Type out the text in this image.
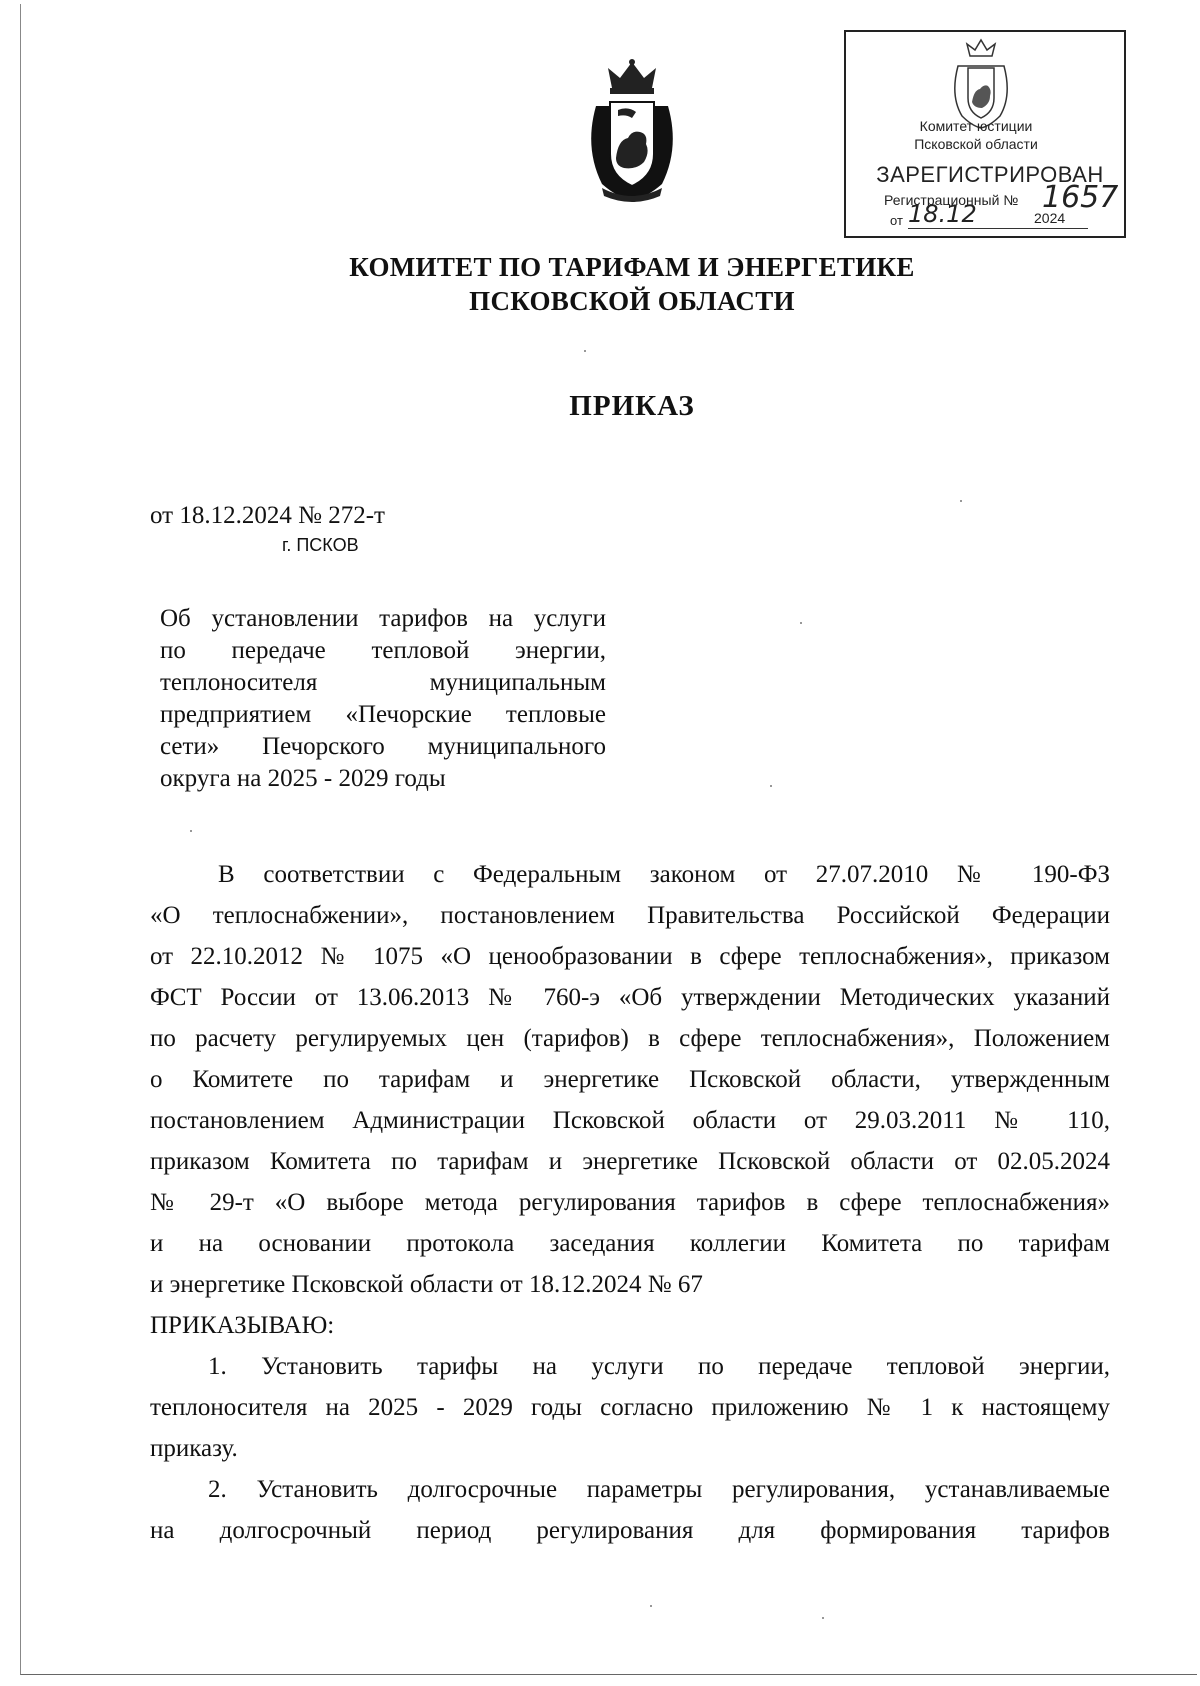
Комитет юстиции
Псковской области
ЗАРЕГИСТРИРОВАН
Регистрационный № 1657
от 18.12	2024
КОМИТЕТ ПО ТАРИФАМ И ЭНЕРГЕТИКЕ
ПСКОВСКОЙ ОБЛАСТИ
ПРИКАЗ
от 18.12.2024 № 272-т
г. ПСКОВ
Об установлении тарифов на услуги
по передаче тепловой энергии,
теплоносителя муниципальным
предприятием «Печорские тепловые
сети» Печорского муниципального
округа на 2025 - 2029 годы
В соответствии с Федеральным законом от 27.07.2010 № 190-ФЗ
«О теплоснабжении», постановлением Правительства Российской Федерации
от 22.10.2012 № 1075 «О ценообразовании в сфере теплоснабжения», приказом
ФСТ России от 13.06.2013 № 760-э «Об утверждении Методических указаний
по расчету регулируемых цен (тарифов) в сфере теплоснабжения», Положением
о Комитете по тарифам и энергетике Псковской области, утвержденным
постановлением Администрации Псковской области от 29.03.2011 № 110,
приказом Комитета по тарифам и энергетике Псковской области от 02.05.2024
№ 29-т «О выборе метода регулирования тарифов в сфере теплоснабжения»
и на основании протокола заседания коллегии Комитета по тарифам
и энергетике Псковской области от 18.12.2024 № 67
ПРИКАЗЫВАЮ:
1. Установить тарифы на услуги по передаче тепловой энергии,
теплоносителя на 2025 - 2029 годы согласно приложению № 1 к настоящему
приказу.
2. Установить долгосрочные параметры регулирования, устанавливаемые
на долгосрочный период регулирования для формирования тарифов
